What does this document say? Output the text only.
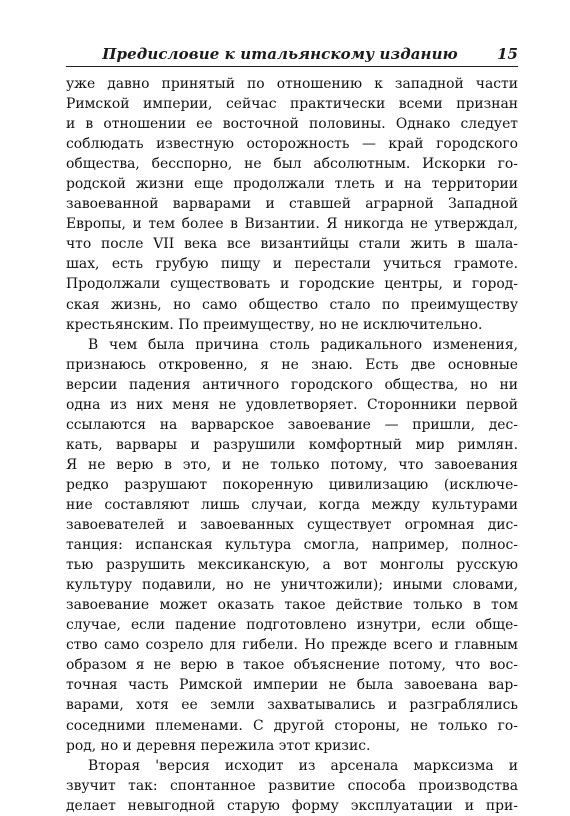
Предисловие к итальянскому изданию	15
уже давно принятый по отношению к западной части
Римской империи, сейчас практически всеми признан
и в отношении ее восточной половины. Однако следует
соблюдать известную осторожность — край городского
общества, бесспорно, не был абсолютным. Искорки го-
родской жизни еще продолжали тлеть и на территории
завоеванной варварами и ставшей аграрной Западной
Европы, и тем более в Византии. Я никогда не утверждал,
что после VII века все византийцы стали жить в шала-
шах, есть грубую пищу и перестали учиться грамоте.
Продолжали существовать и городские центры, и город-
ская жизнь, но само общество стало по преимуществу
крестьянским. По преимуществу, но не исключительно.
В чем была причина столь радикального изменения,
признаюсь откровенно, я не знаю. Есть две основные
версии падения античного городского общества, но ни
одна из них меня не удовлетворяет. Сторонники первой
ссылаются на варварское завоевание — пришли, дес-
кать, варвары и разрушили комфортный мир римлян.
Я не верю в это, и не только потому, что завоевания
редко разрушают покоренную цивилизацию (исключе-
ние составляют лишь случаи, когда между культурами
завоевателей и завоеванных существует огромная дис-
танция: испанская культура смогла, например, полнос-
тью разрушить мексиканскую, а вот монголы русскую
культуру подавили, но не уничтожили); иными словами,
завоевание может оказать такое действие только в том
случае, если падение подготовлено изнутри, если обще-
ство само созрело для гибели. Но прежде всего и главным
образом я не верю в такое объяснение потому, что вос-
точная часть Римской империи не была завоевана вар-
варами, хотя ее земли захватывались и разграблялись
соседними племенами. С другой стороны, не только го-
род, но и деревня пережила этот кризис.
Вторая 'версия исходит из арсенала марксизма и
звучит так: спонтанное развитие способа производства
делает невыгодной старую форму эксплуатации и при-
